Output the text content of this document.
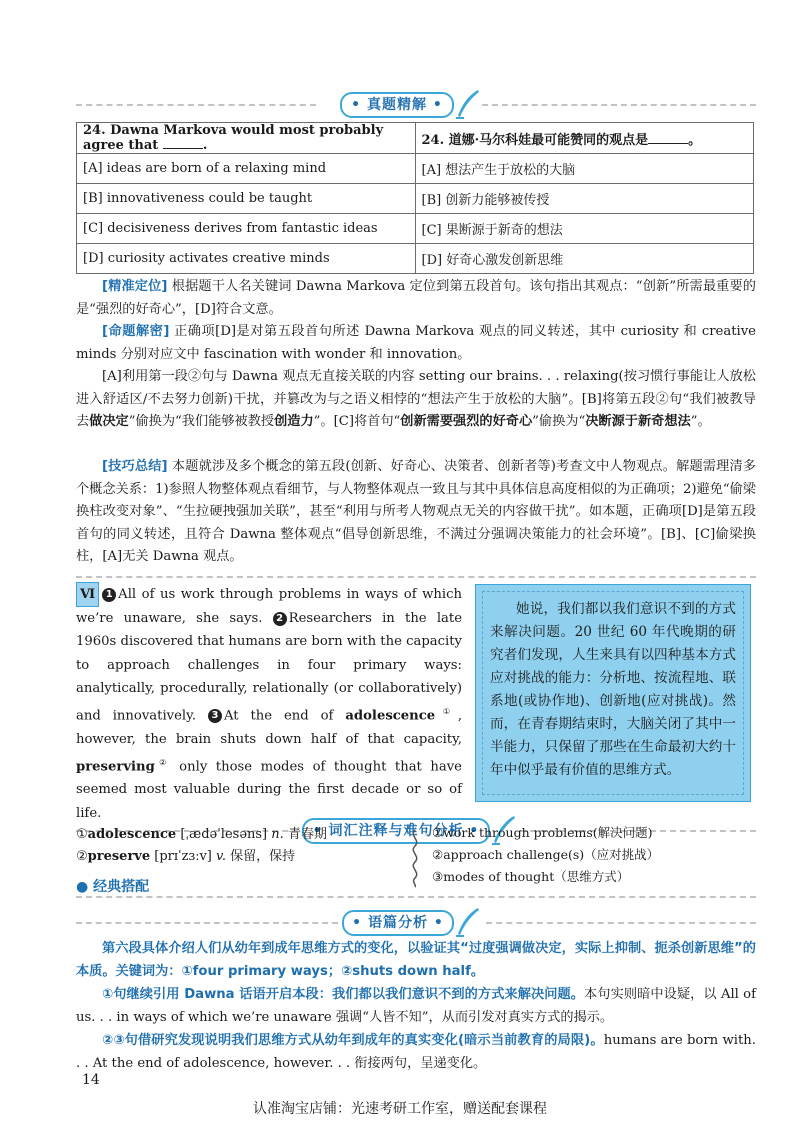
• 真题精解 •
24. Dawna Markova would most probably agree that .	24. 道娜·马尔科娃最可能赞同的观点是 。
[A] ideas are born of a relaxing mind	[A] 想法产生于放松的大脑
[B] innovativeness could be taught	[B] 创新力能够被传授
[C] decisiveness derives from fantastic ideas	[C] 果断源于新奇的想法
[D] curiosity activates creative minds	[D] 好奇心激发创新思维
[精准定位] 根据题干人名关键词 Dawna Markova 定位到第五段首句。该句指出其观点：“创新”所需最重要的是“强烈的好奇心”，[D]符合文意。
[命题解密] 正确项[D]是对第五段首句所述 Dawna Markova 观点的同义转述，其中 curiosity 和 creative minds 分别对应文中 fascination with wonder 和 innovation。
[A]利用第一段②句与 Dawna 观点无直接关联的内容 setting our brains. . . relaxing(按习惯行事能让人放松进入舒适区/不去努力创新)干扰，并篡改为与之语义相悖的“想法产生于放松的大脑”。[B]将第五段②句“我们被教导去做决定”偷换为“我们能够被教授创造力”。[C]将首句“创新需要强烈的好奇心”偷换为“决断源于新奇想法”。
[技巧总结] 本题就涉及多个概念的第五段(创新、好奇心、决策者、创新者等)考查文中人物观点。解题需理清多个概念关系：1)参照人物整体观点看细节，与人物整体观点一致且与其中具体信息高度相似的为正确项；2)避免“偷梁换柱改变对象”、“生拉硬拽强加关联”，甚至“利用与所考人物观点无关的内容做干扰”。如本题，正确项[D]是第五段首句的同义转述，且符合 Dawna 整体观点“倡导创新思维，不满过分强调决策能力的社会环境”。[B]、[C]偷梁换柱，[A]无关 Dawna 观点。
Ⅵ 1 All of us work through problems in ways of which we’re unaware, she says. 2 Researchers in the late 1960s discovered that humans are born with the capacity to approach challenges in four primary ways: analytically, procedurally, relationally (or collaboratively) and innovatively. 3 At the end of adolescence①, however, the brain shuts down half of that capacity, preserving② only those modes of thought that have seemed most valuable during the first decade or so of life.
她说，我们都以我们意识不到的方式来解决问题。20 世纪 60 年代晚期的研究者们发现，人生来具有以四种基本方式应对挑战的能力：分析地、按流程地、联系地(或协作地)、创新地(应对挑战)。然而，在青春期结束时，大脑关闭了其中一半能力，只保留了那些在生命最初大约十年中似乎最有价值的思维方式。
• 词汇注释与难句分析 •
①adolescence [ˌædəˈlesəns] n. 青春期
②preserve [prɪˈzɜːv] v. 保留，保持
①work through problems(解决问题)
②approach challenge(s)（应对挑战）
③modes of thought（思维方式）
● 经典搭配
• 语篇分析 •
第六段具体介绍人们从幼年到成年思维方式的变化，以验证其“过度强调做决定，实际上抑制、扼杀创新思维”的本质。关键词为：①four primary ways；②shuts down half。
①句继续引用 Dawna 话语开启本段：我们都以我们意识不到的方式来解决问题。本句实则暗中设疑，以 All of us. . . in ways of which we’re unaware 强调“人皆不知”，从而引发对真实方式的揭示。
②③句借研究发现说明我们思维方式从幼年到成年的真实变化(暗示当前教育的局限)。humans are born with. . . At the end of adolescence, however. . . 衔接两句，呈递变化。
14
认准淘宝店铺：光速考研工作室，赠送配套课程
